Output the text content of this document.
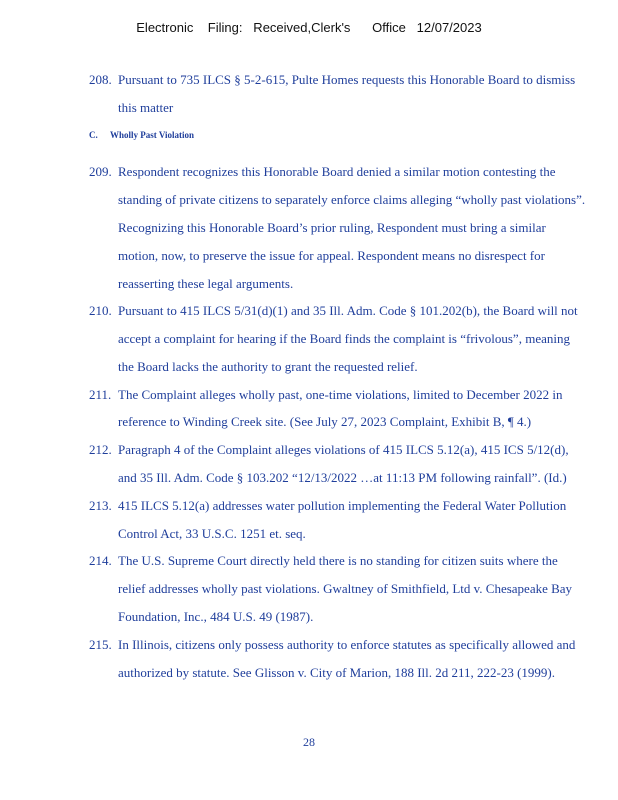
Electronic    Filing:   Received,Clerk's      Office   12/07/2023
208. Pursuant to 735 ILCS § 5-2-615, Pulte Homes requests this Honorable Board to dismiss
this matter
C. Wholly Past Violation
209. Respondent recognizes this Honorable Board denied a similar motion contesting the
standing of private citizens to separately enforce claims alleging “wholly past violations”.
Recognizing this Honorable Board’s prior ruling, Respondent must bring a similar
motion, now, to preserve the issue for appeal. Respondent means no disrespect for
reasserting these legal arguments.
210. Pursuant to 415 ILCS 5/31(d)(1) and 35 Ill. Adm. Code § 101.202(b), the Board will not
accept a complaint for hearing if the Board finds the complaint is “frivolous”, meaning
the Board lacks the authority to grant the requested relief.
211. The Complaint alleges wholly past, one-time violations, limited to December 2022 in
reference to Winding Creek site. (See July 27, 2023 Complaint, Exhibit B, ¶ 4.)
212. Paragraph 4 of the Complaint alleges violations of 415 ILCS 5.12(a), 415 ICS 5/12(d),
and 35 Ill. Adm. Code § 103.202 “12/13/2022 …at 11:13 PM following rainfall”. (Id.)
213. 415 ILCS 5.12(a) addresses water pollution implementing the Federal Water Pollution
Control Act, 33 U.S.C. 1251 et. seq.
214. The U.S. Supreme Court directly held there is no standing for citizen suits where the
relief addresses wholly past violations. Gwaltney of Smithfield, Ltd v. Chesapeake Bay
Foundation, Inc., 484 U.S. 49 (1987).
215. In Illinois, citizens only possess authority to enforce statutes as specifically allowed and
authorized by statute. See Glisson v. City of Marion, 188 Ill. 2d 211, 222-23 (1999).
28
